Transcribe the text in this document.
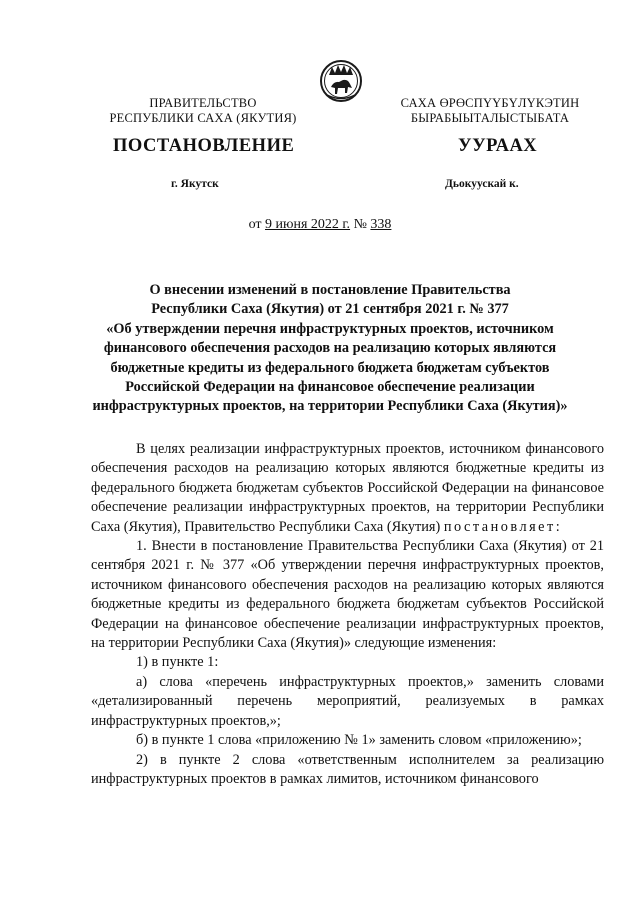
ПРАВИТЕЛЬСТВО
РЕСПУБЛИКИ САХА (ЯКУТИЯ)
САХА ӨРӨСПҮҮБҮЛҮКЭТИН
БЫРАБЫЫТАЛЫСТЫБАТА
ПОСТАНОВЛЕНИЕ	УУРААХ
г. Якутск	Дьокуускай к.
от 9 июня 2022 г. № 338
О внесении изменений в постановление Правительства
Республики Саха (Якутия) от 21 сентября 2021 г. № 377
«Об утверждении перечня инфраструктурных проектов, источником
финансового обеспечения расходов на реализацию которых являются
бюджетные кредиты из федерального бюджета бюджетам субъектов
Российской Федерации на финансовое обеспечение реализации
инфраструктурных проектов, на территории Республики Саха (Якутия)»

В целях реализации инфраструктурных проектов, источником финансового обеспечения расходов на реализацию которых являются бюджетные кредиты из федерального бюджета бюджетам субъектов Российской Федерации на финансовое обеспечение реализации инфраструктурных проектов, на территории Республики Саха (Якутия), Правительство Республики Саха (Якутия) постановляет:

1. Внести в постановление Правительства Республики Саха (Якутия) от 21 сентября 2021 г. № 377 «Об утверждении перечня инфраструктурных проектов, источником финансового обеспечения расходов на реализацию которых являются бюджетные кредиты из федерального бюджета бюджетам субъектов Российской Федерации на финансовое обеспечение реализации инфраструктурных проектов, на территории Республики Саха (Якутия)» следующие изменения:

1) в пункте 1:

а) слова «перечень инфраструктурных проектов,» заменить словами «детализированный перечень мероприятий, реализуемых в рамках инфраструктурных проектов,»;

б) в пункте 1 слова «приложению № 1» заменить словом «приложению»;

2) в пункте 2 слова «ответственным исполнителем за реализацию инфраструктурных проектов в рамках лимитов, источником финансового
